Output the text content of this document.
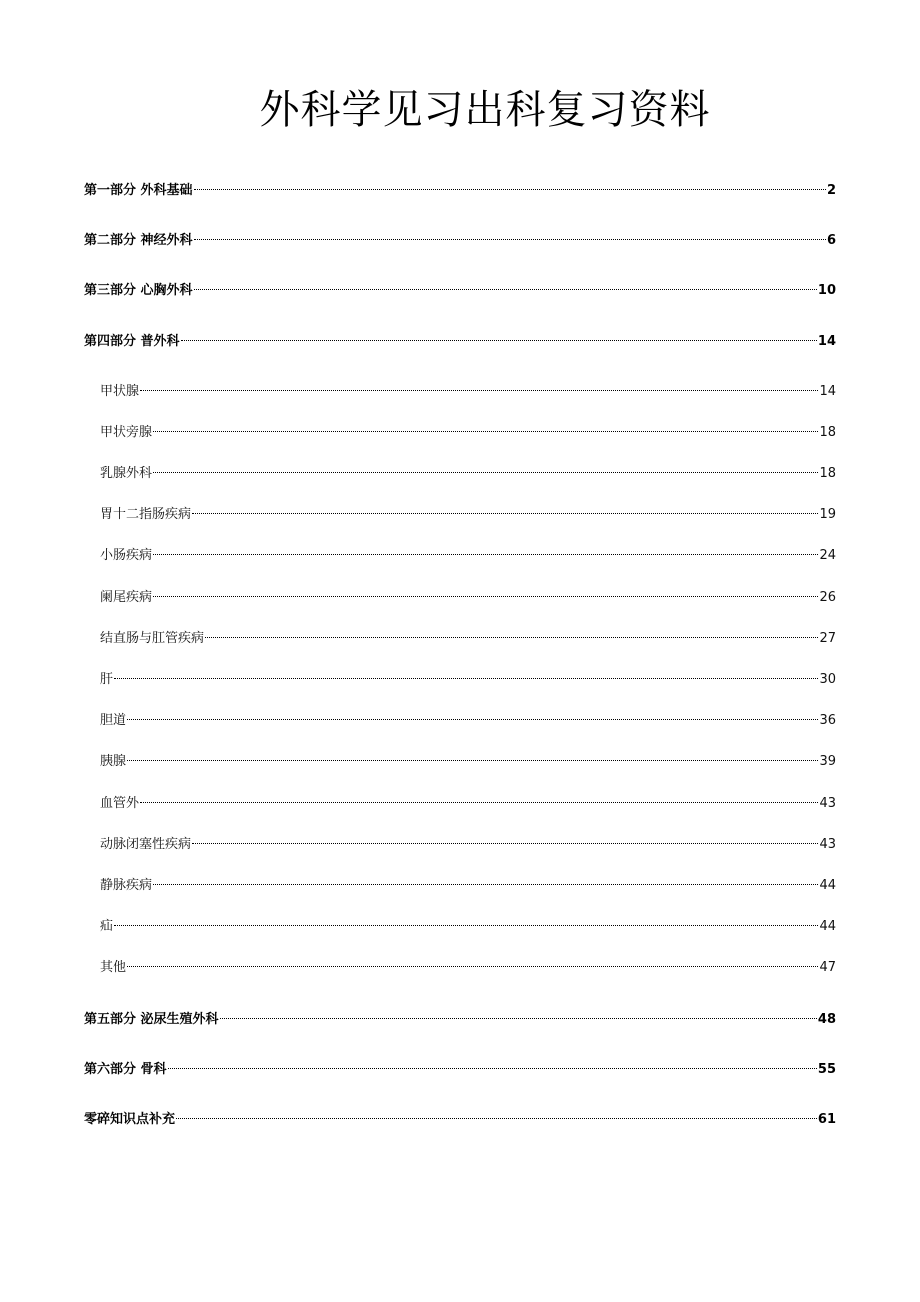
外科学见习出科复习资料
第一部分 外科基础	2
第二部分 神经外科	6
第三部分 心胸外科	10
第四部分 普外科	14
甲状腺	14
甲状旁腺	18
乳腺外科	18
胃十二指肠疾病	19
小肠疾病	24
阑尾疾病	26
结直肠与肛管疾病	27
肝	30
胆道	36
胰腺	39
血管外	43
动脉闭塞性疾病	43
静脉疾病	44
疝	44
其他	47
第五部分 泌尿生殖外科	48
第六部分 骨科	55
零碎知识点补充	61
